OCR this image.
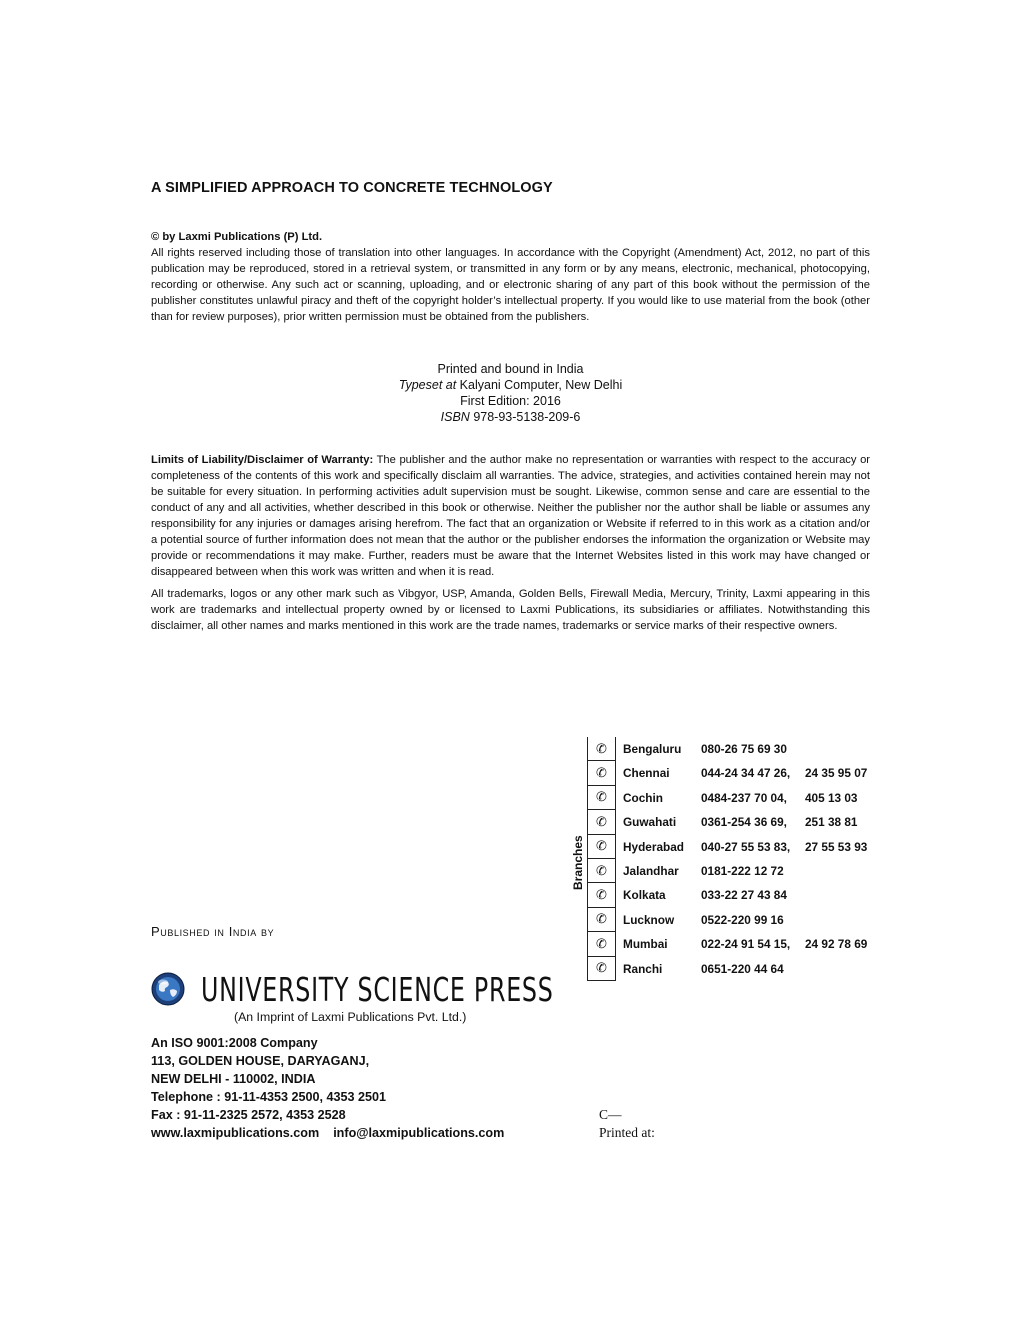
A SIMPLIFIED APPROACH TO CONCRETE TECHNOLOGY
© by Laxmi Publications (P) Ltd.
All rights reserved including those of translation into other languages. In accordance with the Copyright (Amendment) Act, 2012, no part of this publication may be reproduced, stored in a retrieval system, or transmitted in any form or by any means, electronic, mechanical, photocopying, recording or otherwise. Any such act or scanning, uploading, and or electronic sharing of any part of this book without the permission of the publisher constitutes unlawful piracy and theft of the copyright holder’s intellectual property. If you would like to use material from the book (other than for review purposes), prior written permission must be obtained from the publishers.
Printed and bound in India
Typeset at Kalyani Computer, New Delhi
First Edition: 2016
ISBN 978-93-5138-209-6

Limits of Liability/Disclaimer of Warranty: The publisher and the author make no representation or warranties with respect to the accuracy or completeness of the contents of this work and specifically disclaim all warranties. The advice, strategies, and activities contained herein may not be suitable for every situation. In performing activities adult supervision must be sought. Likewise, common sense and care are essential to the conduct of any and all activities, whether described in this book or otherwise. Neither the publisher nor the author shall be liable or assumes any responsibility for any injuries or damages arising herefrom. The fact that an organization or Website if referred to in this work as a citation and/or a potential source of further information does not mean that the author or the publisher endorses the information the organization or Website may provide or recommendations it may make. Further, readers must be aware that the Internet Websites listed in this work may have changed or disappeared between when this work was written and when it is read.

All trademarks, logos or any other mark such as Vibgyor, USP, Amanda, Golden Bells, Firewall Media, Mercury, Trinity, Laxmi appearing in this work are trademarks and intellectual property owned by or licensed to Laxmi Publications, its subsidiaries or affiliates. Notwithstanding this disclaimer, all other names and marks mentioned in this work are the trade names, trademarks or service marks of their respective owners.

Branches
✆	Bengaluru 080-26 75 69 30
✆	Chennai	044-24 34 47 26, 24 35 95 07
✆	Cochin	0484-237 70 04, 405 13 03
✆	Guwahati 0361-254 36 69, 251 38 81
✆	Hyderabad 040-27 55 53 83, 27 55 53 93
✆	Jalandhar 0181-222 12 72
✆	Kolkata	033-22 27 43 84
✆	Lucknow 0522-220 99 16
✆	Mumbai	022-24 91 54 15, 24 92 78 69
✆	Ranchi	0651-220 44 64
Published in India by
UNIVERSITY SCIENCE PRESS
(An Imprint of Laxmi Publications Pvt. Ltd.)
An ISO 9001:2008 Company
113, GOLDEN HOUSE, DARYAGANJ,
NEW DELHI - 110002, INDIA
Telephone : 91-11-4353 2500, 4353 2501
Fax : 91-11-2325 2572, 4353 2528
www.laxmipublications.com info@laxmipublications.com
C—
Printed at:
